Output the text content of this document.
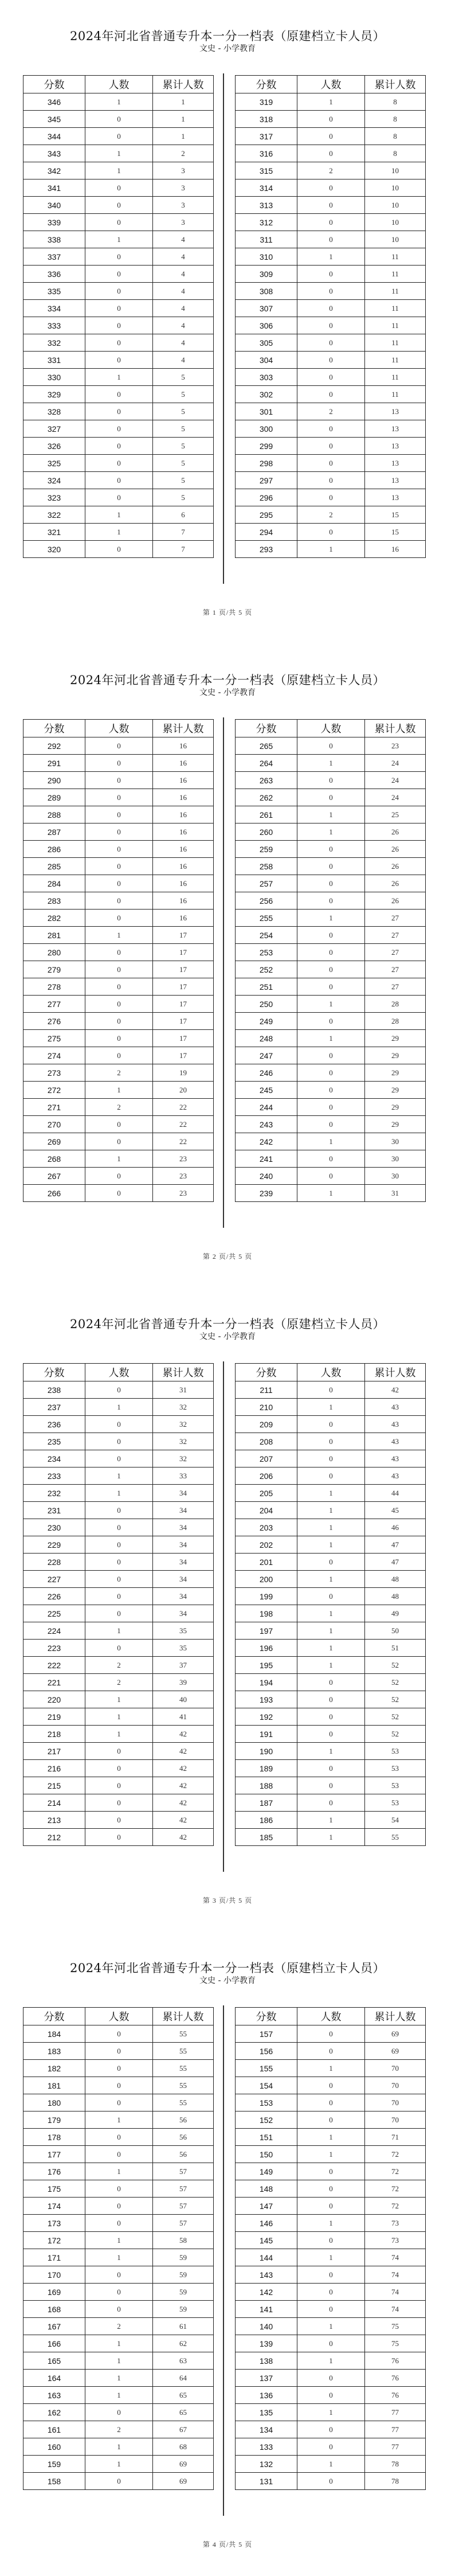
2024年河北省普通专升本一分一档表（原建档立卡人员）
文史 - 小学教育
分数	人数	累计人数
346	1	1
345	0	1
344	0	1
343	1	2
342	1	3
341	0	3
340	0	3
339	0	3
338	1	4
337	0	4
336	0	4
335	0	4
334	0	4
333	0	4
332	0	4
331	0	4
330	1	5
329	0	5
328	0	5
327	0	5
326	0	5
325	0	5
324	0	5
323	0	5
322	1	6
321	1	7
320	0	7
分数	人数	累计人数
319	1	8
318	0	8
317	0	8
316	0	8
315	2	10
314	0	10
313	0	10
312	0	10
311	0	10
310	1	11
309	0	11
308	0	11
307	0	11
306	0	11
305	0	11
304	0	11
303	0	11
302	0	11
301	2	13
300	0	13
299	0	13
298	0	13
297	0	13
296	0	13
295	2	15
294	0	15
293	1	16
第 1 页/共 5 页
2024年河北省普通专升本一分一档表（原建档立卡人员）
文史 - 小学教育
分数	人数	累计人数
292	0	16
291	0	16
290	0	16
289	0	16
288	0	16
287	0	16
286	0	16
285	0	16
284	0	16
283	0	16
282	0	16
281	1	17
280	0	17
279	0	17
278	0	17
277	0	17
276	0	17
275	0	17
274	0	17
273	2	19
272	1	20
271	2	22
270	0	22
269	0	22
268	1	23
267	0	23
266	0	23
分数	人数	累计人数
265	0	23
264	1	24
263	0	24
262	0	24
261	1	25
260	1	26
259	0	26
258	0	26
257	0	26
256	0	26
255	1	27
254	0	27
253	0	27
252	0	27
251	0	27
250	1	28
249	0	28
248	1	29
247	0	29
246	0	29
245	0	29
244	0	29
243	0	29
242	1	30
241	0	30
240	0	30
239	1	31
第 2 页/共 5 页
2024年河北省普通专升本一分一档表（原建档立卡人员）
文史 - 小学教育
分数	人数	累计人数
238	0	31
237	1	32
236	0	32
235	0	32
234	0	32
233	1	33
232	1	34
231	0	34
230	0	34
229	0	34
228	0	34
227	0	34
226	0	34
225	0	34
224	1	35
223	0	35
222	2	37
221	2	39
220	1	40
219	1	41
218	1	42
217	0	42
216	0	42
215	0	42
214	0	42
213	0	42
212	0	42
分数	人数	累计人数
211	0	42
210	1	43
209	0	43
208	0	43
207	0	43
206	0	43
205	1	44
204	1	45
203	1	46
202	1	47
201	0	47
200	1	48
199	0	48
198	1	49
197	1	50
196	1	51
195	1	52
194	0	52
193	0	52
192	0	52
191	0	52
190	1	53
189	0	53
188	0	53
187	0	53
186	1	54
185	1	55
第 3 页/共 5 页
2024年河北省普通专升本一分一档表（原建档立卡人员）
文史 - 小学教育
分数	人数	累计人数
184	0	55
183	0	55
182	0	55
181	0	55
180	0	55
179	1	56
178	0	56
177	0	56
176	1	57
175	0	57
174	0	57
173	0	57
172	1	58
171	1	59
170	0	59
169	0	59
168	0	59
167	2	61
166	1	62
165	1	63
164	1	64
163	1	65
162	0	65
161	2	67
160	1	68
159	1	69
158	0	69
分数	人数	累计人数
157	0	69
156	0	69
155	1	70
154	0	70
153	0	70
152	0	70
151	1	71
150	1	72
149	0	72
148	0	72
147	0	72
146	1	73
145	0	73
144	1	74
143	0	74
142	0	74
141	0	74
140	1	75
139	0	75
138	1	76
137	0	76
136	0	76
135	1	77
134	0	77
133	0	77
132	1	78
131	0	78
第 4 页/共 5 页
